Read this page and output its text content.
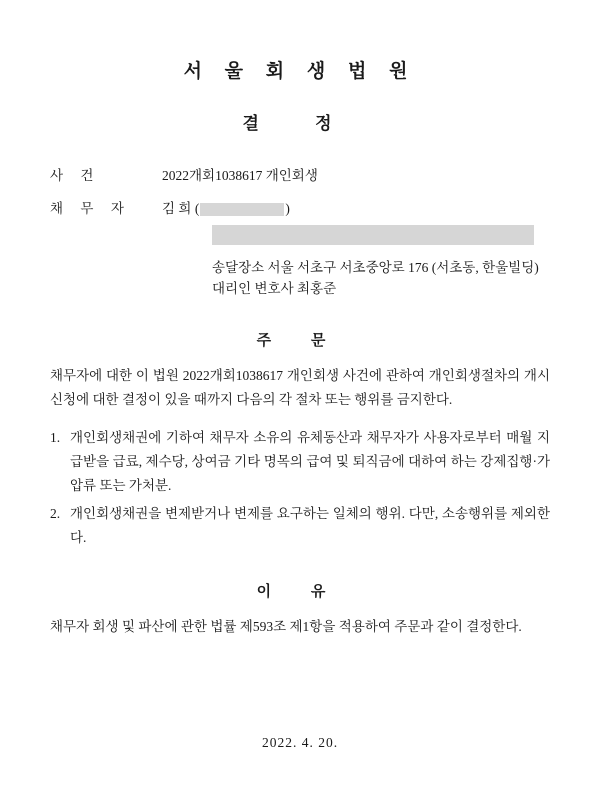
서 울 회 생 법 원
결 정
사 건	2022개회1038617 개인회생
채 무 자	김 희 (	)
송달장소 서울 서초구 서초중앙로 176 (서초동, 한울빌딩)
대리인 변호사 최홍준
주 문
채무자에 대한 이 법원 2022개회1038617 개인회생 사건에 관하여 개인회생절차의 개시신청에 대한 결정이 있을 때까지 다음의 각 절차 또는 행위를 금지한다.
1. 개인회생채권에 기하여 채무자 소유의 유체동산과 채무자가 사용자로부터 매월 지급받을 급료, 제수당, 상여금 기타 명목의 급여 및 퇴직금에 대하여 하는 강제집행·가압류 또는 가처분.
2. 개인회생채권을 변제받거나 변제를 요구하는 일체의 행위. 다만, 소송행위를 제외한다.
이 유
채무자 회생 및 파산에 관한 법률 제593조 제1항을 적용하여 주문과 같이 결정한다.
2022. 4. 20.
